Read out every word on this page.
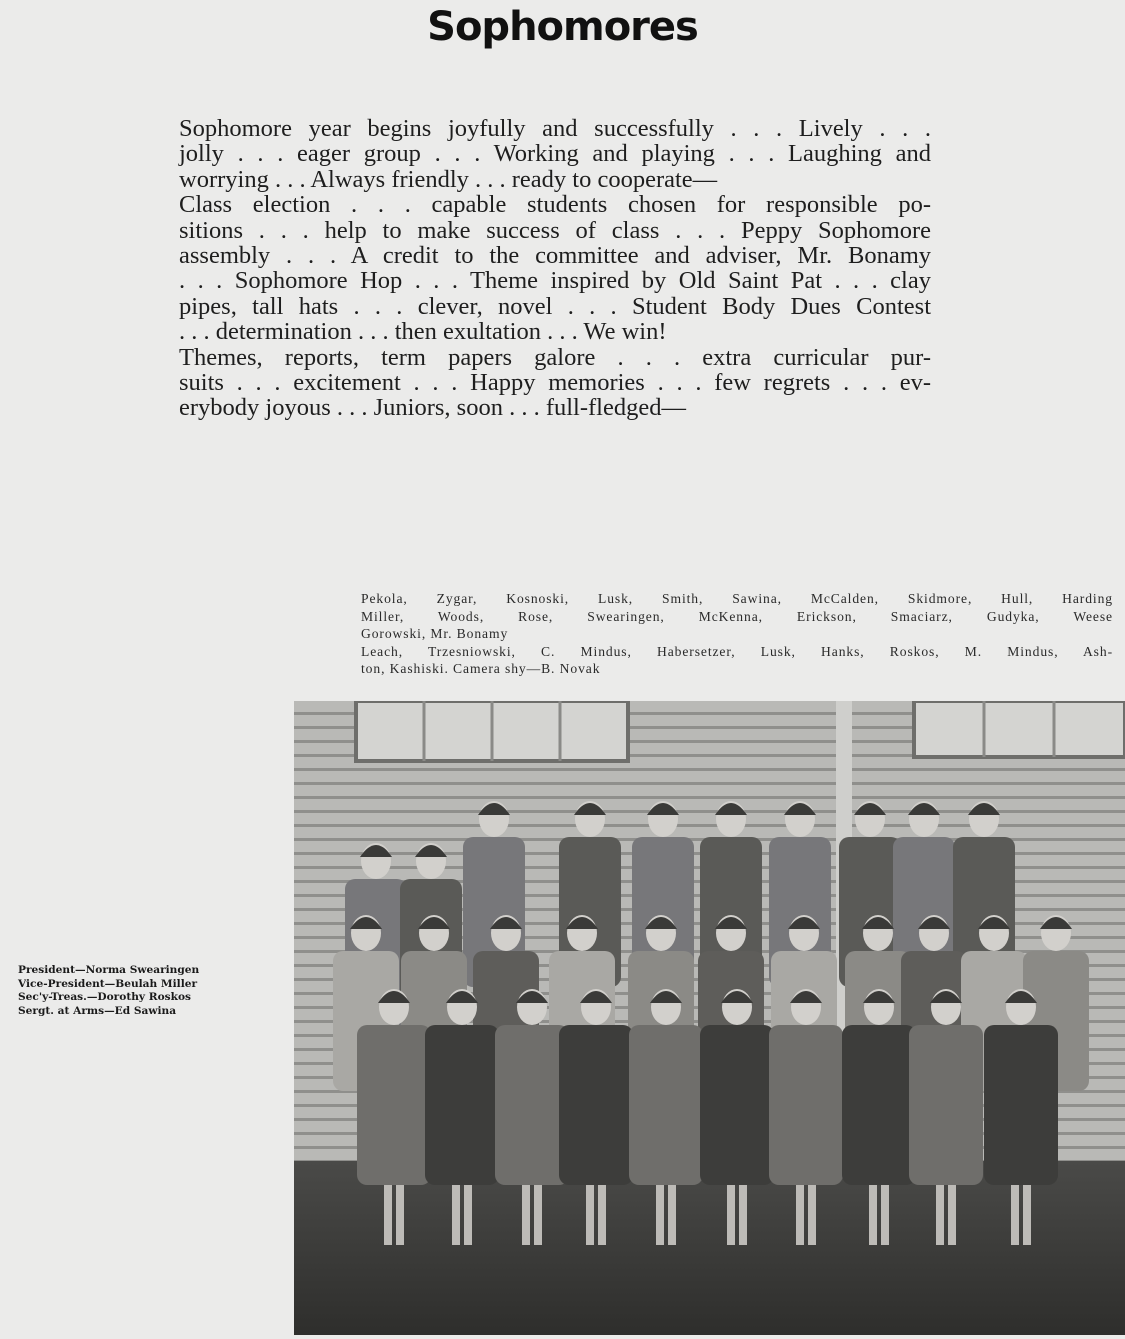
Sophomores
Sophomore year begins joyfully and successfully . . . Lively . . .
jolly . . . eager group . . . Working and playing . . . Laughing and
worrying . . . Always friendly . . . ready to cooperate—
Class election . . . capable students chosen for responsible po-
sitions . . . help to make success of class . . . Peppy Sophomore
assembly . . . A credit to the committee and adviser, Mr. Bonamy
. . . Sophomore Hop . . . Theme inspired by Old Saint Pat . . . clay
pipes, tall hats . . . clever, novel . . . Student Body Dues Contest
. . . determination . . . then exultation . . . We win!
Themes, reports, term papers galore . . . extra curricular pur-
suits . . . excitement . . . Happy memories . . . few regrets . . . ev-
erybody joyous . . . Juniors, soon . . . full-fledged—
Pekola, Zygar, Kosnoski, Lusk, Smith, Sawina, McCalden, Skidmore, Hull, Harding
Miller, Woods, Rose, Swearingen, McKenna, Erickson, Smaciarz, Gudyka, Weese
Gorowski, Mr. Bonamy
Leach, Trzesniowski, C. Mindus, Habersetzer, Lusk, Hanks, Roskos, M. Mindus, Ash-
ton, Kashiski. Camera shy—B. Novak
President—Norma Swearingen
Vice-President—Beulah Miller
Sec'y-Treas.—Dorothy Roskos
Sergt. at Arms—Ed Sawina
